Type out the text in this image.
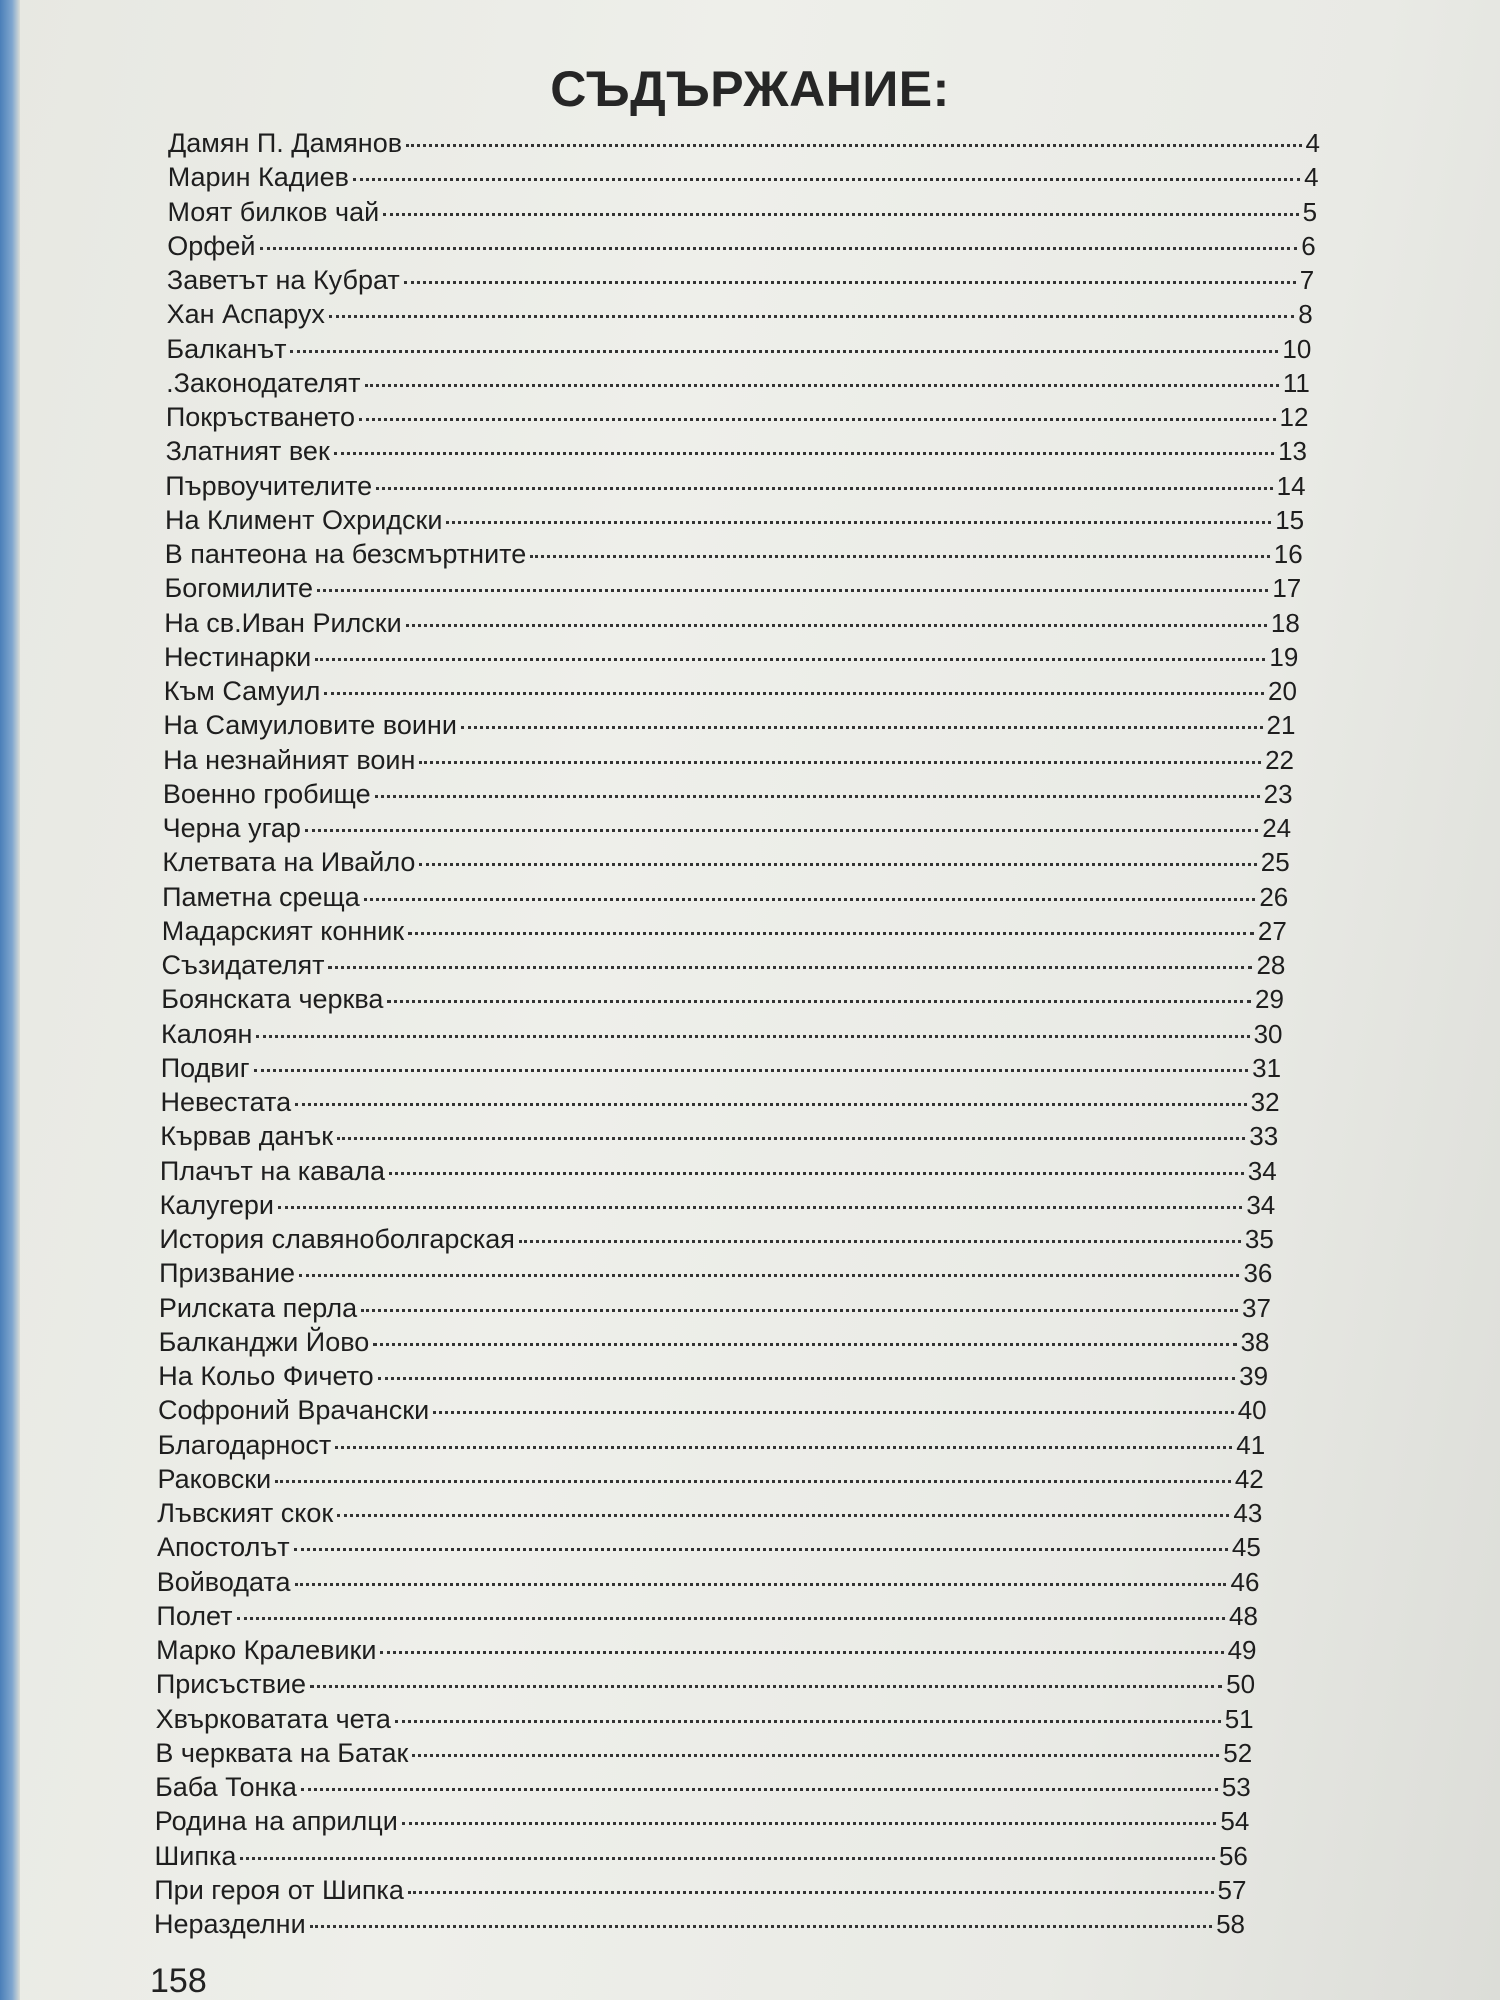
СЪДЪРЖАНИЕ:
Дамян П. Дамянов	4
Марин Кадиев	4
Моят билков чай	5
Орфей	6
Заветът на Кубрат	7
Хан Аспарух	8
Балканът	10
.Законодателят	11
Покръстването	12
Златният век	13
Първоучителите	14
На Климент Охридски	15
В пантеона на безсмъртните	16
Богомилите	17
На св.Иван Рилски	18
Нестинарки	19
Към Самуил	20
На Самуиловите воини	21
На незнайният воин	22
Военно гробище	23
Черна угар	24
Клетвата на Ивайло	25
Паметна среща	26
Мадарският конник	27
Съзидателят	28
Боянската черква	29
Калоян	30
Подвиг	31
Невестата	32
Кървав данък	33
Плачът на кавала	34
Калугери	34
История славяноболгарская	35
Призвание	36
Рилската перла	37
Балканджи Йово	38
На Кольо Фичето	39
Софроний Врачански	40
Благодарност	41
Раковски	42
Лъвският скок	43
Апостолът	45
Войводата	46
Полет	48
Марко Кралевики	49
Присъствие	50
Хвърковатата чета	51
В черквата на Батак	52
Баба Тонка	53
Родина на априлци	54
Шипка	56
При героя от Шипка	57
Неразделни	58
158
